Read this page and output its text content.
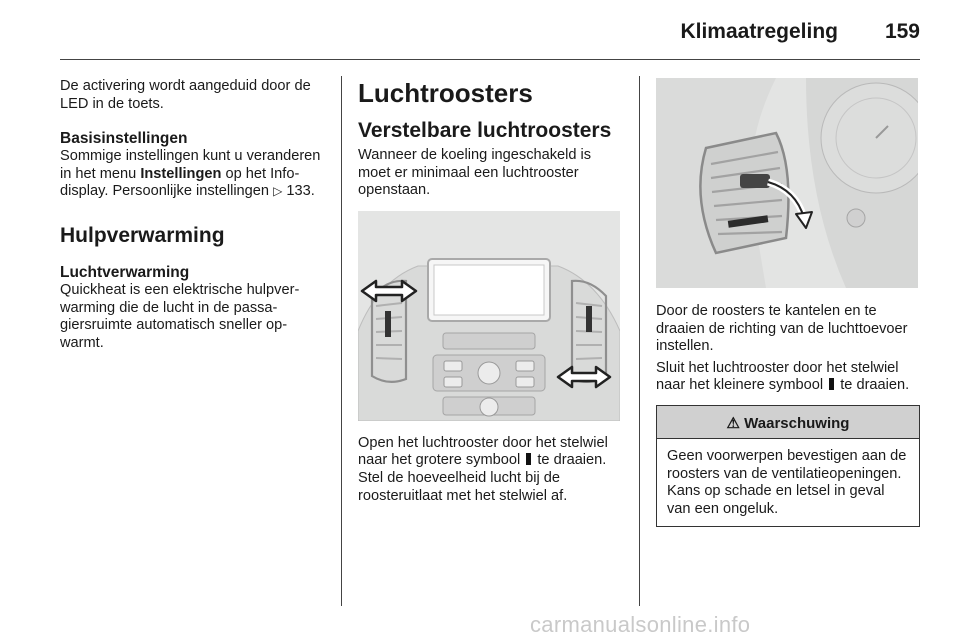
Klimaatregeling 159

De activering wordt aangeduid door de LED in de toets.

Basisinstellingen

Sommige instellingen kunt u veranderen in het menu Instellingen op het Info-display. Persoonlijke instellingen ▷ 133.

Hulpverwarming
Luchtverwarming

Quickheat is een elektrische hulpverwarming die de lucht in de passagiersruimte automatisch sneller opwarmt.

Luchtroosters
Verstelbare luchtroosters

Wanneer de koeling ingeschakeld is moet er minimaal een luchtrooster openstaan.

Open het luchtrooster door het stelwiel naar het grotere symbool te draaien. Stel de hoeveelheid lucht bij de roosteruitlaat met het stelwiel af.

Door de roosters te kantelen en te draaien de richting van de luchttoevoer instellen.

Sluit het luchtrooster door het stelwiel naar het kleinere symbool te draaien.

⚠ Waarschuwing

Geen voorwerpen bevestigen aan de roosters van de ventilatieopeningen. Kans op schade en letsel in geval van een ongeluk.

carmanualsonline.info
